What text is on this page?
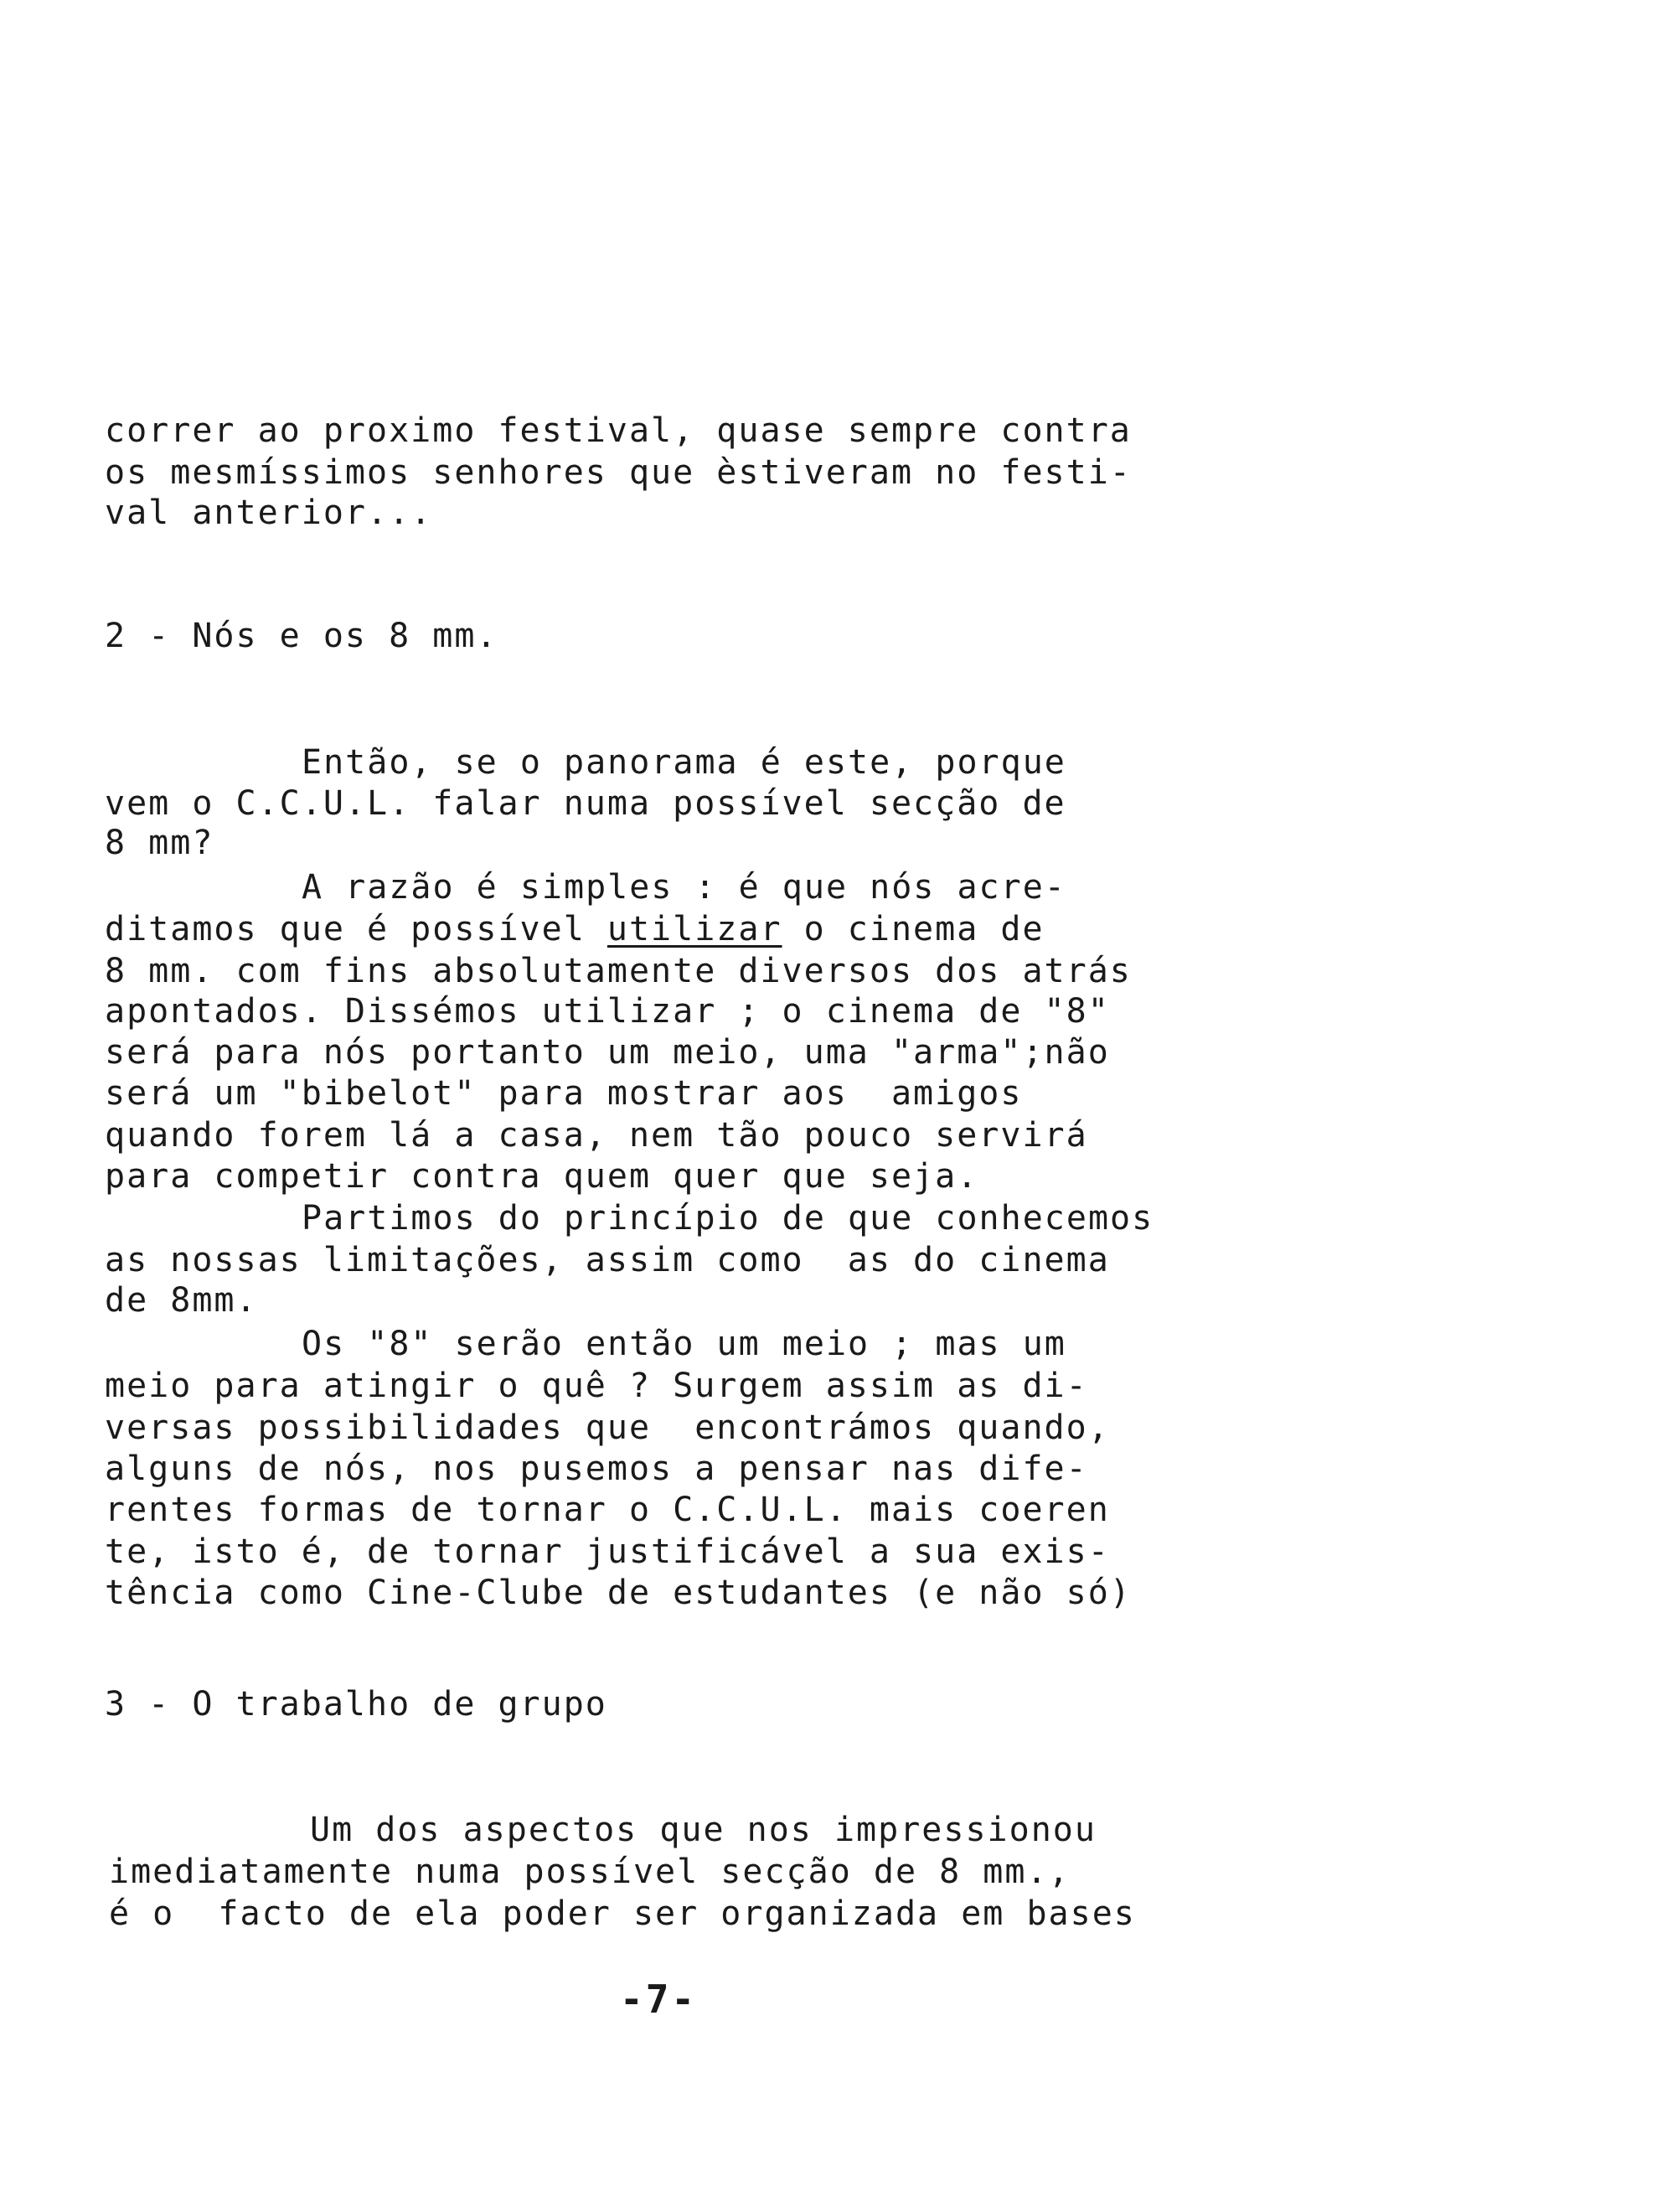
correr ao proximo festival, quase sempre contra
os mesmíssimos senhores que èstiveram no festi-
val anterior...
2 - Nós e os 8 mm.
Então, se o panorama é este, porque
vem o C.C.U.L. falar numa possível secção de
8 mm?
A razão é simples : é que nós acre-
ditamos que é possível utilizar o cinema de
8 mm. com fins absolutamente diversos dos atrás
apontados. Dissémos utilizar ; o cinema de "8"
será para nós portanto um meio, uma "arma";não
será um "bibelot" para mostrar aos  amigos
quando forem lá a casa, nem tão pouco servirá
para competir contra quem quer que seja.
Partimos do princípio de que conhecemos
as nossas limitações, assim como  as do cinema
de 8mm.
Os "8" serão então um meio ; mas um
meio para atingir o quê ? Surgem assim as di-
versas possibilidades que  encontrámos quando,
alguns de nós, nos pusemos a pensar nas dife-
rentes formas de tornar o C.C.U.L. mais coeren
te, isto é, de tornar justificável a sua exis-
tência como Cine-Clube de estudantes (e não só)
3 - O trabalho de grupo
Um dos aspectos que nos impressionou
imediatamente numa possível secção de 8 mm.,
é o  facto de ela poder ser organizada em bases
-7-
